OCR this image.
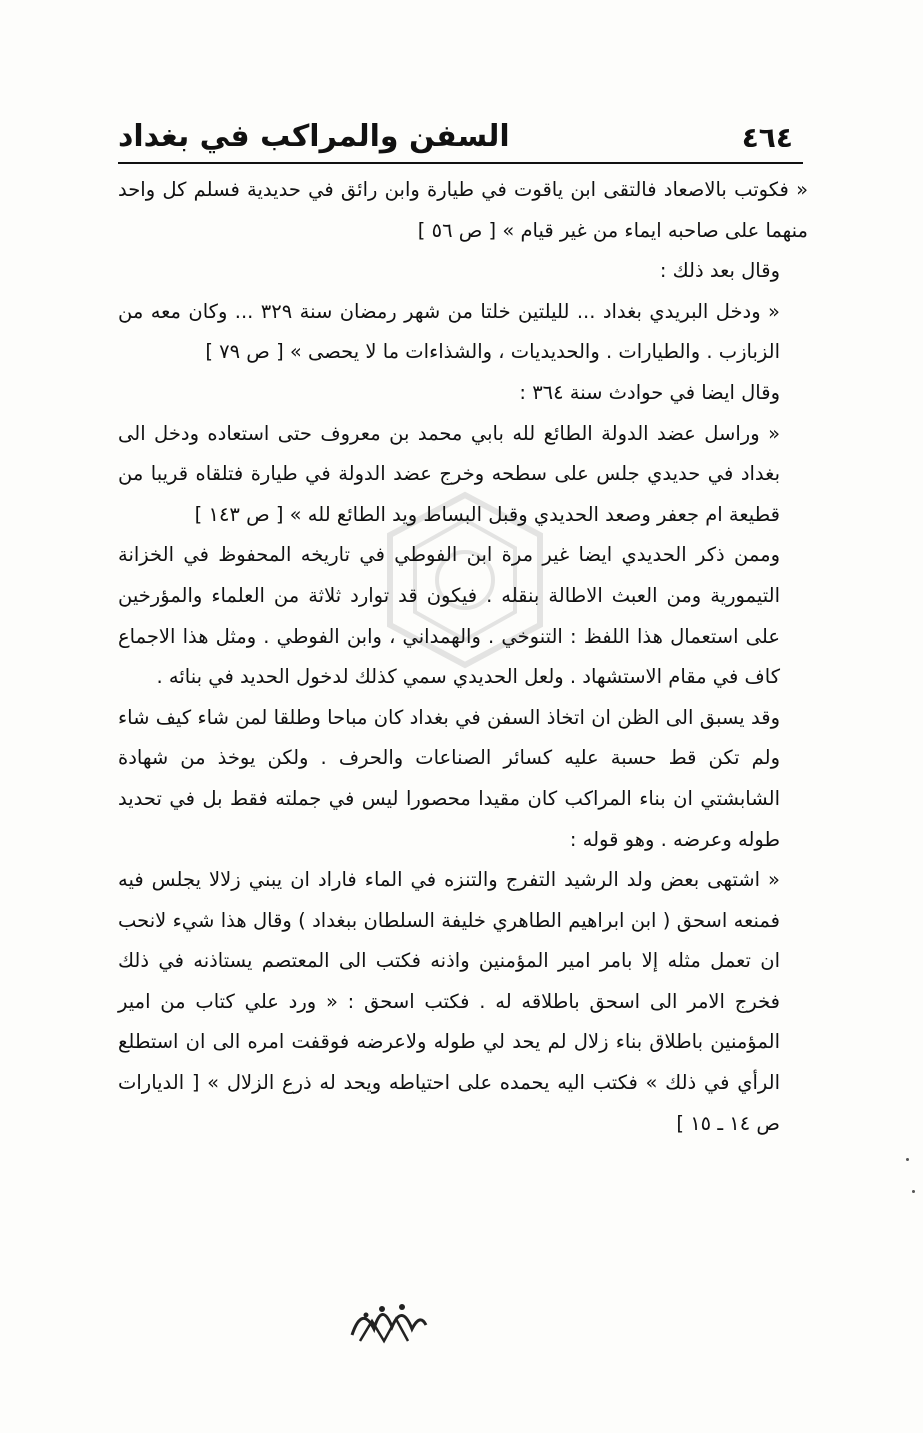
السفن والمراكب في بغداد	٤٦٤

« فكوتب بالاصعاد فالتقى ابن ياقوت في طيارة وابن رائق في حديدية فسلم كل واحد منهما على صاحبه ايماء من غير قيام » [ ص ٥٦ ]

وقال بعد ذلك :

« ودخل البريدي بغداد ... لليلتين خلتا من شهر رمضان سنة ٣٢٩ ... وكان معه من الزبازب . والطيارات . والحديديات ، والشذاءات ما لا يحصى » [ ص ٧٩ ]

وقال ايضا في حوادث سنة ٣٦٤ :

« وراسل عضد الدولة الطائع لله بابي محمد بن معروف حتى استعاده ودخل الى بغداد في حديدي جلس على سطحه وخرج عضد الدولة في طيارة فتلقاه قريبا من قطيعة ام جعفر وصعد الحديدي وقبل البساط ويد الطائع لله » [ ص ١٤٣ ]

وممن ذكر الحديدي ايضا غير مرة ابن الفوطي في تاريخه المحفوظ في الخزانة التيمورية ومن العبث الاطالة بنقله . فيكون قد توارد ثلاثة من العلماء والمؤرخين على استعمال هذا اللفظ : التنوخي . والهمداني ، وابن الفوطي . ومثل هذا الاجماع كاف في مقام الاستشهاد . ولعل الحديدي سمي كذلك لدخول الحديد في بنائه .

وقد يسبق الى الظن ان اتخاذ السفن في بغداد كان مباحا وطلقا لمن شاء كيف شاء ولم تكن قط حسبة عليه كسائر الصناعات والحرف . ولكن يوخذ من شهادة الشابشتي ان بناء المراكب كان مقيدا محصورا ليس في جملته فقط بل في تحديد طوله وعرضه . وهو قوله :

« اشتهى بعض ولد الرشيد التفرج والتنزه في الماء فاراد ان يبني زلالا يجلس فيه فمنعه اسحق ( ابن ابراهيم الطاهري خليفة السلطان ببغداد ) وقال هذا شيء لانحب ان تعمل مثله إلا بامر امير المؤمنين واذنه فكتب الى المعتصم يستاذنه في ذلك فخرج الامر الى اسحق باطلاقه له . فكتب اسحق : « ورد علي كتاب من امير المؤمنين باطلاق بناء زلال لم يحد لي طوله ولاعرضه فوقفت امره الى ان استطلع الرأي في ذلك » فكتب اليه يحمده على احتياطه ويحد له ذرع الزلال » [ الديارات ص ١٤ ـ ١٥ ]
